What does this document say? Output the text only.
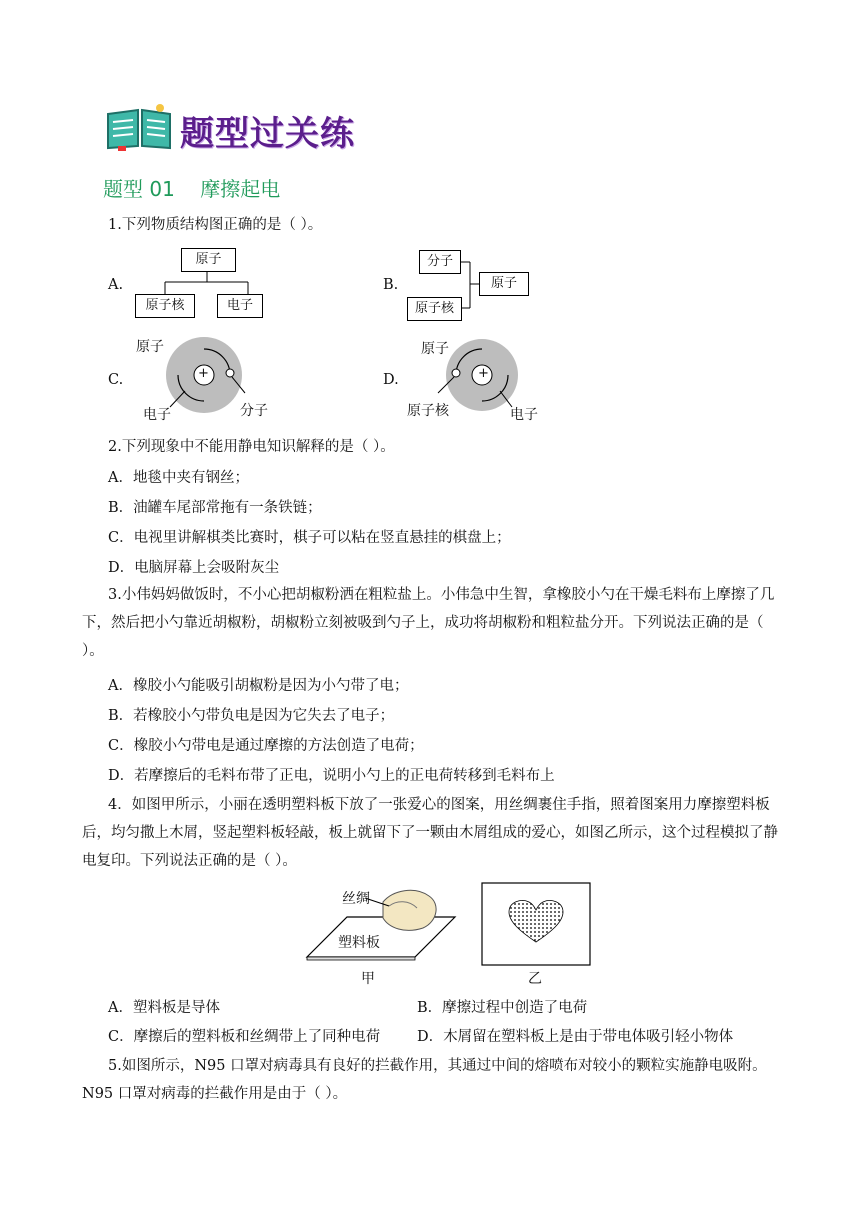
题型过关练
题型 01    摩擦起电
1.下列物质结构图正确的是（ ）。
A.
原子
原子核	电子
B.
分子
原子核
原子
C.
原子
+
电子	分子
D.
原子
+
原子核	电子
2.下列现象中不能用静电知识解释的是（ ）。
A．地毯中夹有钢丝；
B．油罐车尾部常拖有一条铁链；
C．电视里讲解棋类比赛时，棋子可以粘在竖直悬挂的棋盘上；
D．电脑屏幕上会吸附灰尘
3.小伟妈妈做饭时，不小心把胡椒粉洒在粗粒盐上。小伟急中生智，拿橡胶小勺在干燥毛料布上摩擦了几下，然后把小勺靠近胡椒粉，胡椒粉立刻被吸到勺子上，成功将胡椒粉和粗粒盐分开。下列说法正确的是（ ）。
A．橡胶小勺能吸引胡椒粉是因为小勺带了电；
B．若橡胶小勺带负电是因为它失去了电子；
C．橡胶小勺带电是通过摩擦的方法创造了电荷；
D．若摩擦后的毛料布带了正电，说明小勺上的正电荷转移到毛料布上
4．如图甲所示，小丽在透明塑料板下放了一张爱心的图案，用丝绸裹住手指，照着图案用力摩擦塑料板后，均匀撒上木屑，竖起塑料板轻敲，板上就留下了一颗由木屑组成的爱心，如图乙所示，这个过程模拟了静电复印。下列说法正确的是（ ）。
丝绸
塑料板
甲	乙
A．塑料板是导体	B．摩擦过程中创造了电荷
C．摩擦后的塑料板和丝绸带上了同种电荷	D．木屑留在塑料板上是由于带电体吸引轻小物体
5.如图所示，N95 口罩对病毒具有良好的拦截作用，其通过中间的熔喷布对较小的颗粒实施静电吸附。N95 口罩对病毒的拦截作用是由于（ ）。
